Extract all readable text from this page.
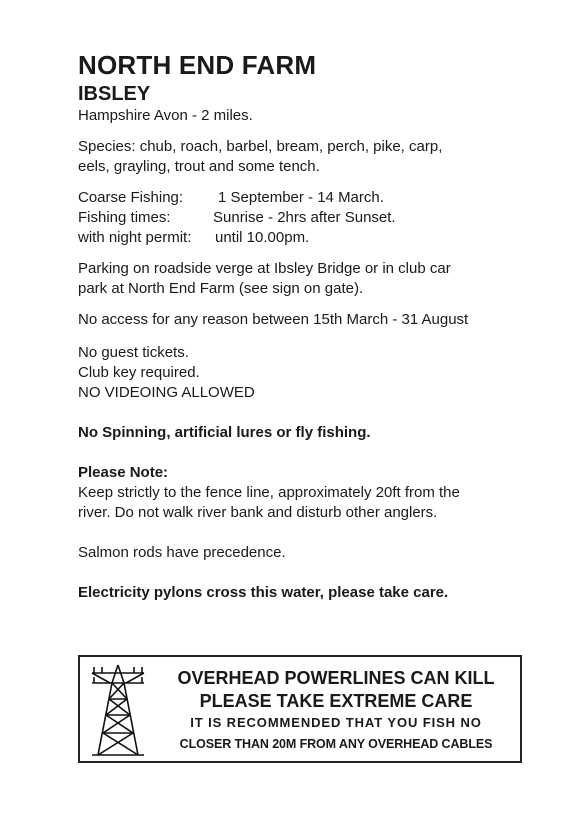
NORTH END FARM
IBSLEY

Hampshire Avon - 2 miles.

Species: chub, roach, barbel, bream, perch, pike, carp,

eels, grayling, trout and some tench.

Coarse Fishing:	1 September - 14 March.
Fishing times:	Sunrise - 2hrs after Sunset.
with night permit:	until 10.00pm.

Parking on roadside verge at Ibsley Bridge or in club car

park at North End Farm (see sign on gate).

No access for any reason between 15th March - 31 August

No guest tickets.

Club key required.

NO VIDEOING ALLOWED

No Spinning, artificial lures or fly fishing.

Please Note:

Keep strictly to the fence line, approximately 20ft from the

river. Do not walk river bank and disturb other anglers.

Salmon rods have precedence.

Electricity pylons cross this water, please take care.

OVERHEAD POWERLINES CAN KILL
PLEASE TAKE EXTREME CARE
IT IS RECOMMENDED THAT YOU FISH NO
CLOSER THAN 20M FROM ANY OVERHEAD CABLES
